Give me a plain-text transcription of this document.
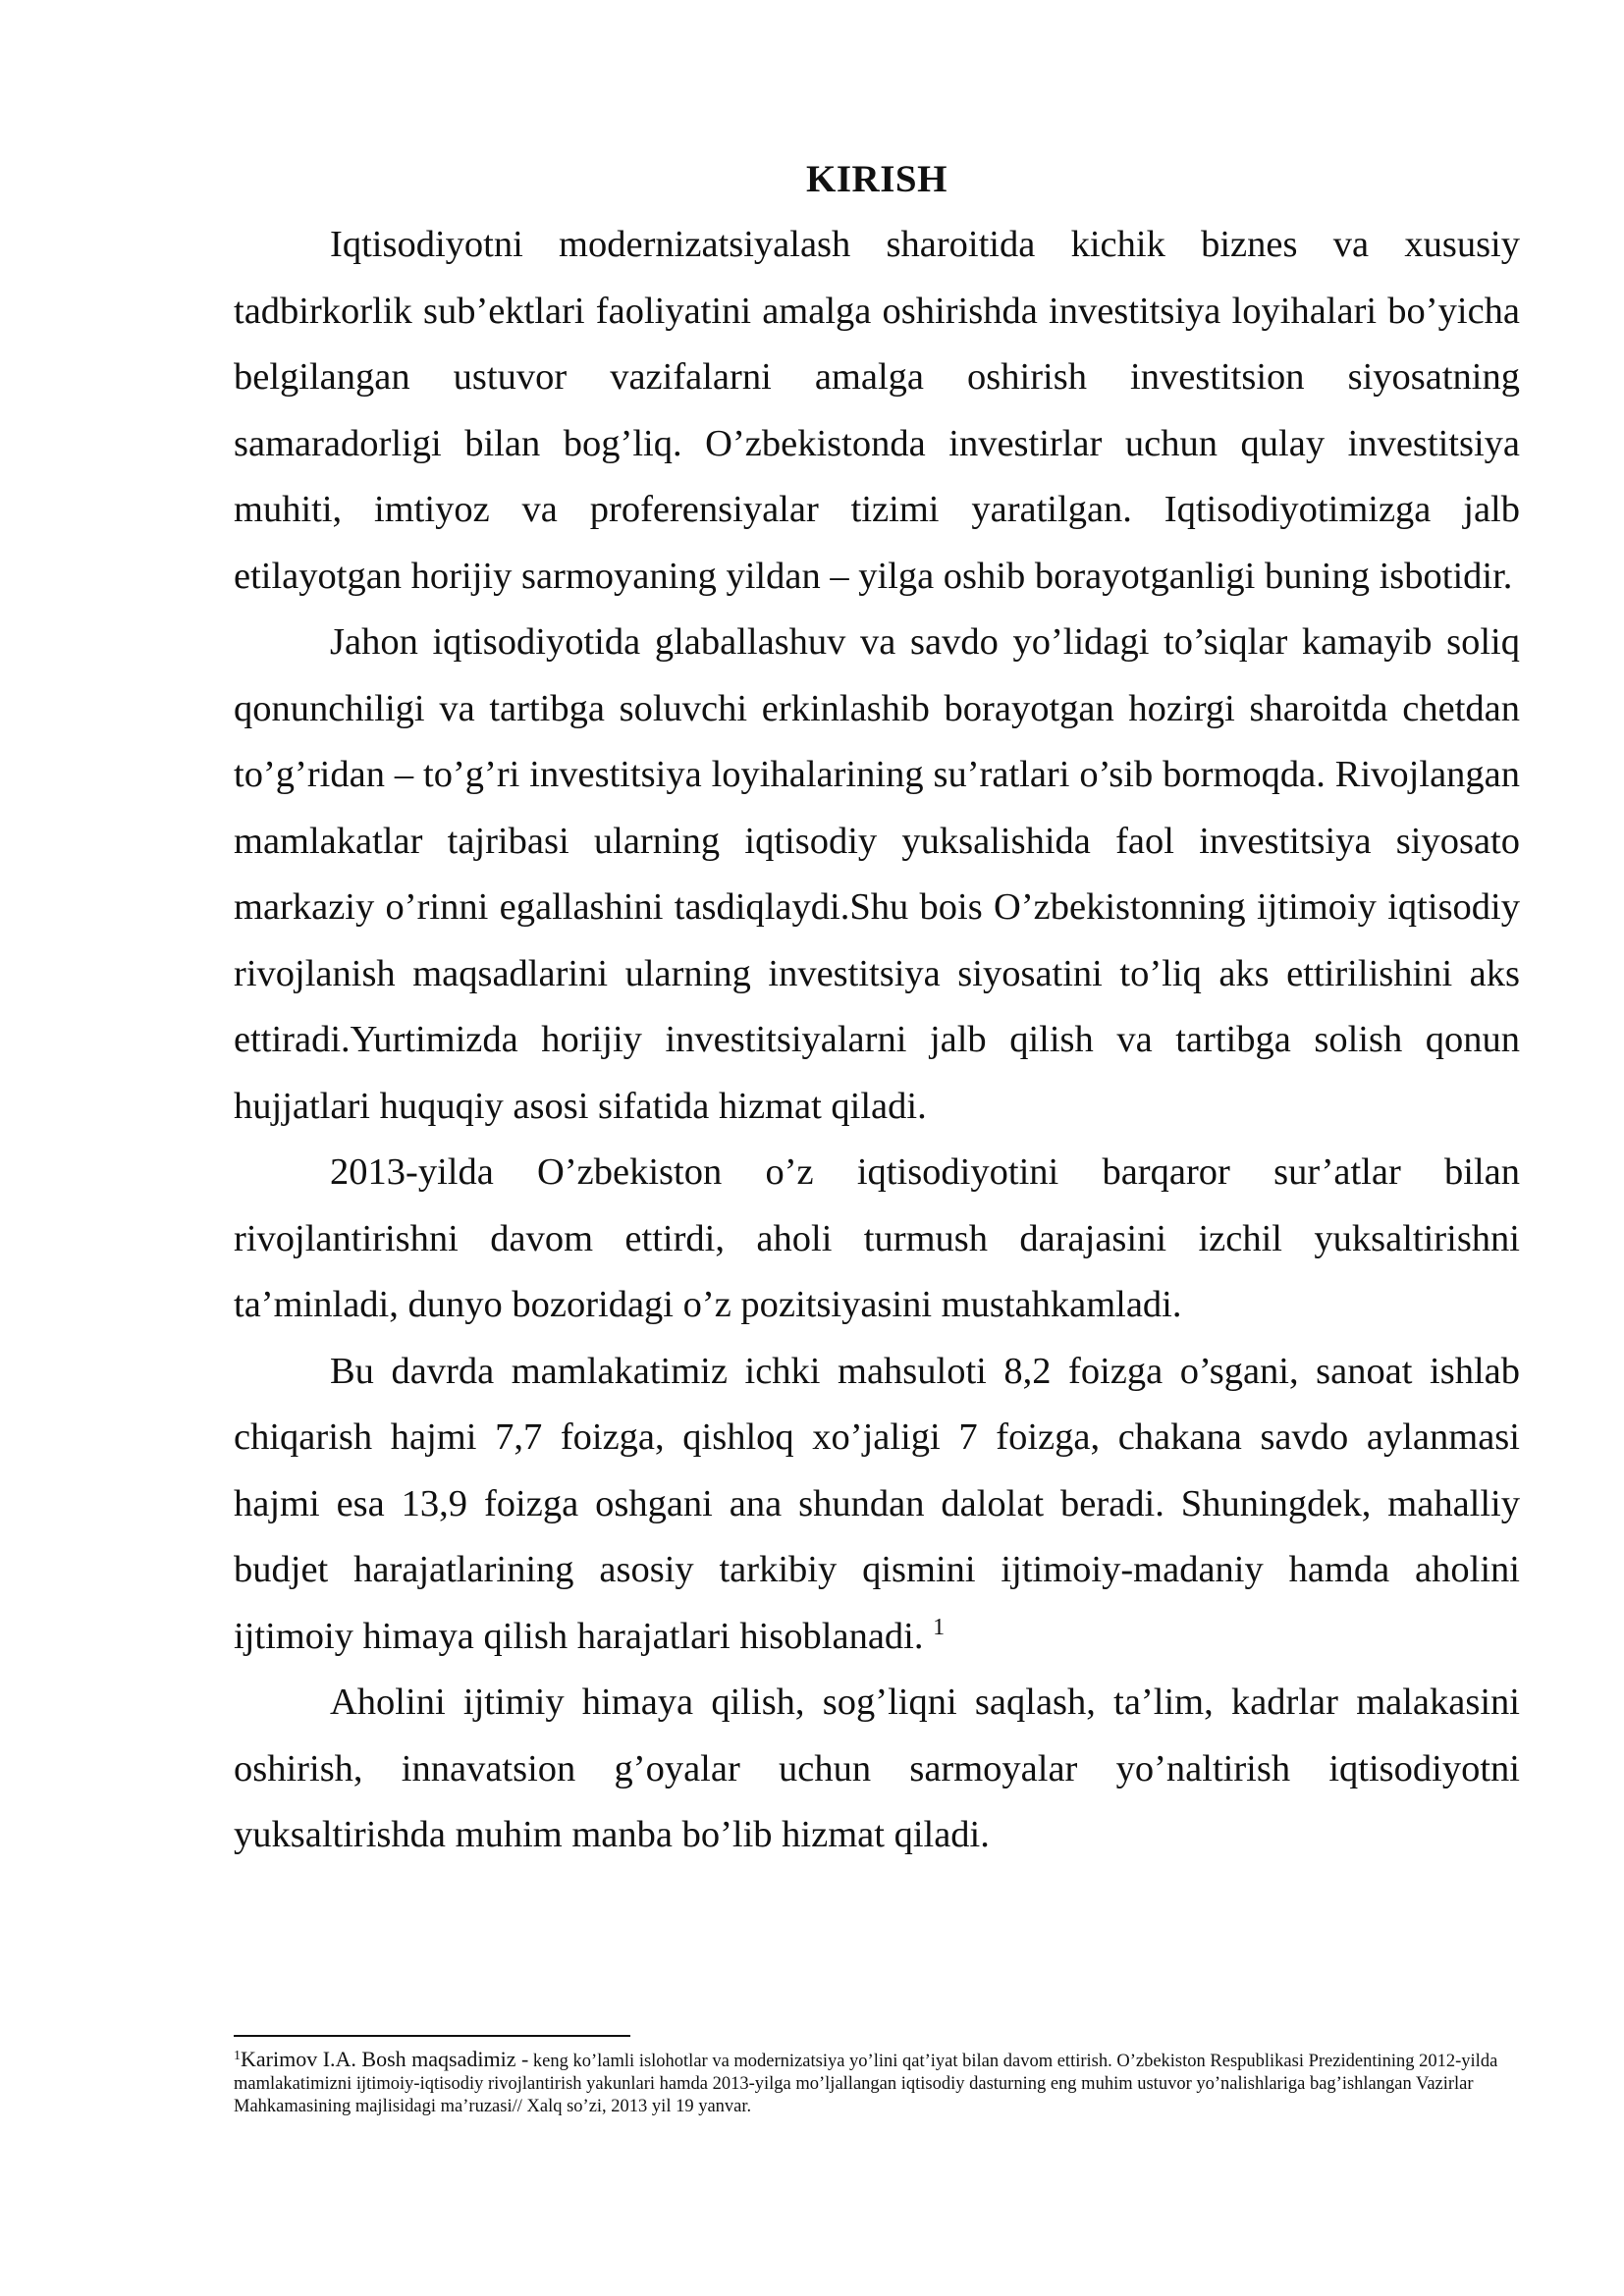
KIRISH

Iqtisodiyotni modernizatsiyalash sharoitida kichik biznes va xususiy tadbirkorlik sub’ektlari faoliyatini amalga oshirishda investitsiya loyihalari bo’yicha belgilangan ustuvor vazifalarni amalga oshirish investitsion siyosatning samaradorligi bilan bog’liq. O’zbekistonda investirlar uchun qulay investitsiya muhiti, imtiyoz va proferensiyalar tizimi yaratilgan. Iqtisodiyotimizga jalb etilayotgan horijiy sarmoyaning yildan – yilga oshib borayotganligi buning isbotidir.

Jahon iqtisodiyotida glaballashuv va savdo yo’lidagi to’siqlar kamayib soliq qonunchiligi va tartibga soluvchi erkinlashib borayotgan hozirgi sharoitda chetdan to’g’ridan – to’g’ri investitsiya loyihalarining su’ratlari o’sib bormoqda. Rivojlangan mamlakatlar tajribasi ularning iqtisodiy yuksalishida faol investitsiya siyosato markaziy o’rinni egallashini tasdiqlaydi.Shu bois O’zbekistonning ijtimoiy iqtisodiy rivojlanish maqsadlarini ularning investitsiya siyosatini to’liq aks ettirilishini aks ettiradi.Yurtimizda horijiy investitsiyalarni jalb qilish va tartibga solish qonun hujjatlari huquqiy asosi sifatida hizmat qiladi.

2013-yilda O’zbekiston o’z iqtisodiyotini barqaror sur’atlar bilan rivojlantirishni davom ettirdi, aholi turmush darajasini izchil yuksaltirishni ta’minladi, dunyo bozoridagi o’z pozitsiyasini mustahkamladi.

Bu davrda mamlakatimiz ichki mahsuloti 8,2 foizga o’sgani, sanoat ishlab chiqarish hajmi 7,7 foizga, qishloq xo’jaligi 7 foizga, chakana savdo aylanmasi hajmi esa 13,9 foizga oshgani ana shundan dalolat beradi. Shuningdek, mahalliy budjet harajatlarining asosiy tarkibiy qismini ijtimoiy-madaniy hamda aholini ijtimoiy himaya qilish harajatlari hisoblanadi. $^1$

Aholini ijtimiy himaya qilish, sog’liqni saqlash, ta’lim, kadrlar malakasini oshirish, innavatsion g’oyalar uchun sarmoyalar yo’naltirish iqtisodiyotni yuksaltirishda muhim manba bo’lib hizmat qiladi.

$^1$Karimov I.A. Bosh maqsadimiz - keng ko’lamli islohotlar va modernizatsiya yo’lini qat’iyat bilan davom ettirish. O’zbekiston Respublikasi Prezidentining 2012-yilda mamlakatimizni ijtimoiy-iqtisodiy rivojlantirish yakunlari hamda 2013-yilga mo’ljallangan iqtisodiy dasturning eng muhim ustuvor yo’nalishlariga bag’ishlangan Vazirlar Mahkamasining majlisidagi ma’ruzasi// Xalq so’zi, 2013 yil 19 yanvar.
